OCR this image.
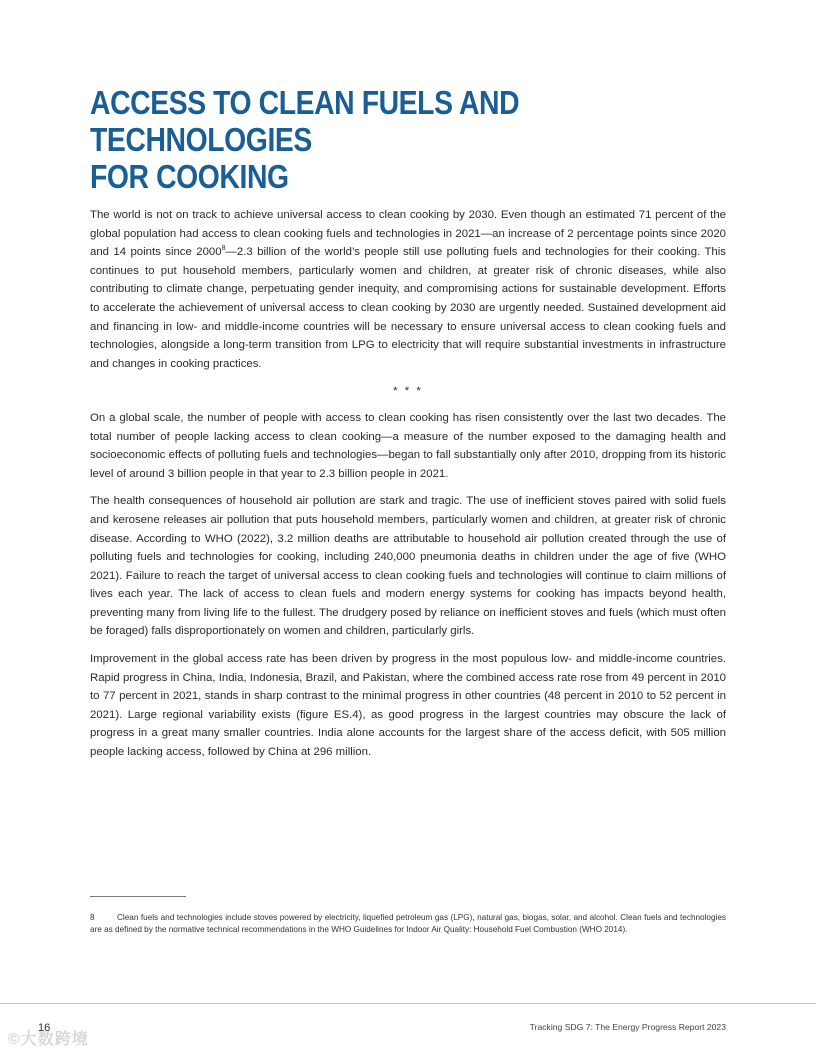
ACCESS TO CLEAN FUELS AND TECHNOLOGIES
FOR COOKING

The world is not on track to achieve universal access to clean cooking by 2030. Even though an estimated 71 percent of the global population had access to clean cooking fuels and technologies in 2021—an increase of 2 percentage points since 2020 and 14 points since 2000$^8$—2.3 billion of the world’s people still use polluting fuels and technologies for their cooking. This continues to put household members, particularly women and children, at greater risk of chronic diseases, while also contributing to climate change, perpetuating gender inequity, and compromising actions for sustainable development. Efforts to accelerate the achievement of universal access to clean cooking by 2030 are urgently needed. Sustained development aid and financing in low- and middle-income countries will be necessary to ensure universal access to clean cooking fuels and technologies, alongside a long-term transition from LPG to electricity that will require substantial investments in infrastructure and changes in cooking practices.

* * *

On a global scale, the number of people with access to clean cooking has risen consistently over the last two decades. The total number of people lacking access to clean cooking—a measure of the number exposed to the damaging health and socioeconomic effects of polluting fuels and technologies—began to fall substantially only after 2010, dropping from its historic level of around 3 billion people in that year to 2.3 billion people in 2021.

The health consequences of household air pollution are stark and tragic. The use of inefficient stoves paired with solid fuels and kerosene releases air pollution that puts household members, particularly women and children, at greater risk of chronic disease. According to WHO (2022), 3.2 million deaths are attributable to household air pollution created through the use of polluting fuels and technologies for cooking, including 240,000 pneumonia deaths in children under the age of five (WHO 2021). Failure to reach the target of universal access to clean cooking fuels and technologies will continue to claim millions of lives each year. The lack of access to clean fuels and modern energy systems for cooking has impacts beyond health, preventing many from living life to the fullest. The drudgery posed by reliance on inefficient stoves and fuels (which must often be foraged) falls disproportionately on women and children, particularly girls.

Improvement in the global access rate has been driven by progress in the most populous low- and middle-income countries. Rapid progress in China, India, Indonesia, Brazil, and Pakistan, where the combined access rate rose from 49 percent in 2010 to 77 percent in 2021, stands in sharp contrast to the minimal progress in other countries (48 percent in 2010 to 52 percent in 2021). Large regional variability exists (figure ES.4), as good progress in the largest countries may obscure the lack of progress in a great many smaller countries. India alone accounts for the largest share of the access deficit, with 505 million people lacking access, followed by China at 296 million.

8	Clean fuels and technologies include stoves powered by electricity, liquefied petroleum gas (LPG), natural gas, biogas, solar, and alcohol. Clean fuels and technologies are as defined by the normative technical recommendations in the WHO Guidelines for Indoor Air Quality: Household Fuel Combustion (WHO 2014).
©大数跨境
16	Tracking SDG 7: The Energy Progress Report 2023
